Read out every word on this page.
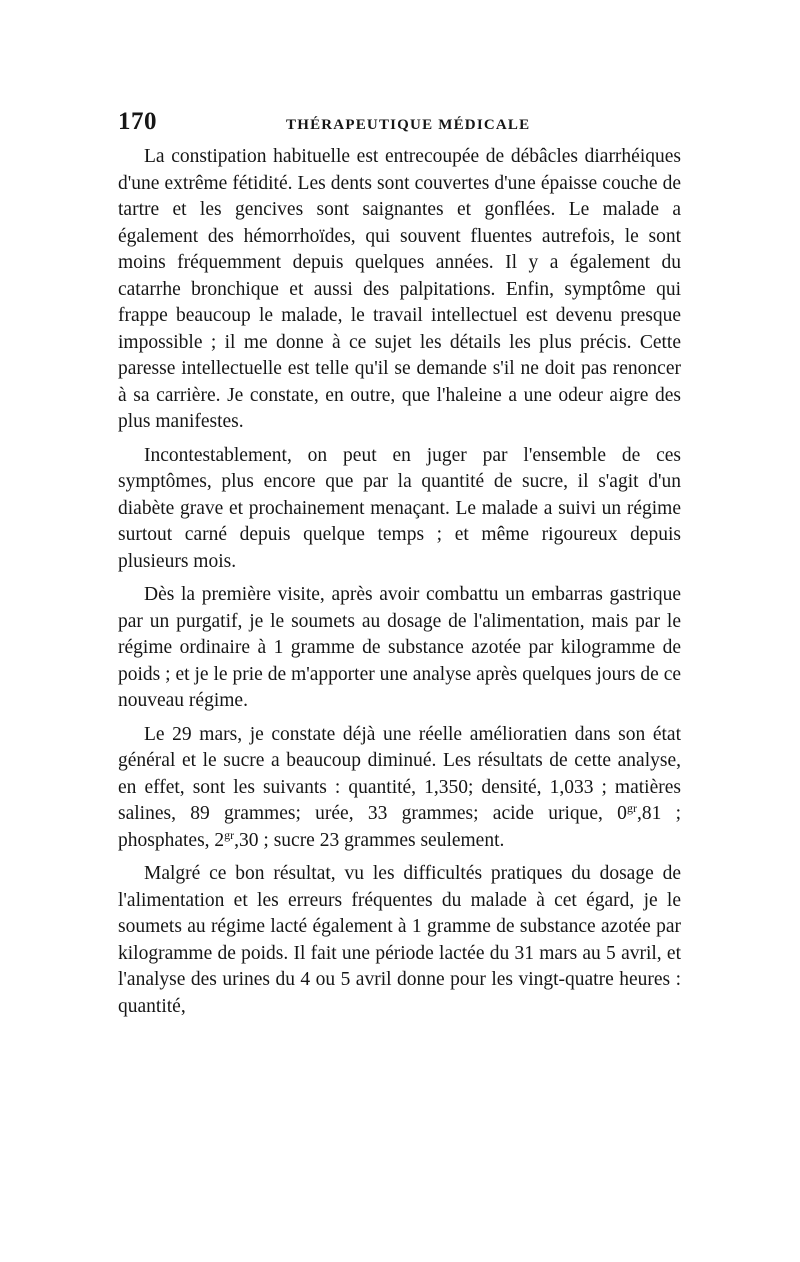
170	THÉRAPEUTIQUE MÉDICALE

La constipation habituelle est entrecoupée de débâcles diarrhéiques d'une extrême fétidité. Les dents sont couvertes d'une épaisse couche de tartre et les gencives sont saignantes et gonflées. Le malade a également des hémorrhoïdes, qui souvent fluentes autrefois, le sont moins fréquemment depuis quelques années. Il y a également du catarrhe bronchique et aussi des palpitations. Enfin, symptôme qui frappe beaucoup le malade, le travail intellectuel est devenu presque impossible ; il me donne à ce sujet les détails les plus précis. Cette paresse intellectuelle est telle qu'il se demande s'il ne doit pas renoncer à sa carrière. Je constate, en outre, que l'haleine a une odeur aigre des plus manifestes.

Incontestablement, on peut en juger par l'ensemble de ces symptômes, plus encore que par la quantité de sucre, il s'agit d'un diabète grave et prochainement menaçant. Le malade a suivi un régime surtout carné depuis quelque temps ; et même rigoureux depuis plusieurs mois.

Dès la première visite, après avoir combattu un embarras gastrique par un purgatif, je le soumets au dosage de l'alimentation, mais par le régime ordinaire à 1 gramme de substance azotée par kilogramme de poids ; et je le prie de m'apporter une analyse après quelques jours de ce nouveau régime.

Le 29 mars, je constate déjà une réelle amélioratien dans son état général et le sucre a beaucoup diminué. Les résultats de cette analyse, en effet, sont les suivants : quantité, 1,350; densité, 1,033 ; matières salines, 89 grammes; urée, 33 grammes; acide urique, $0^{gr},81$ ; phosphates, $2^{gr},30$ ; sucre 23 grammes seulement.

Malgré ce bon résultat, vu les difficultés pratiques du dosage de l'alimentation et les erreurs fréquentes du malade à cet égard, je le soumets au régime lacté également à 1 gramme de substance azotée par kilogramme de poids. Il fait une période lactée du 31 mars au 5 avril, et l'analyse des urines du 4 ou 5 avril donne pour les vingt-quatre heures : quantité,
